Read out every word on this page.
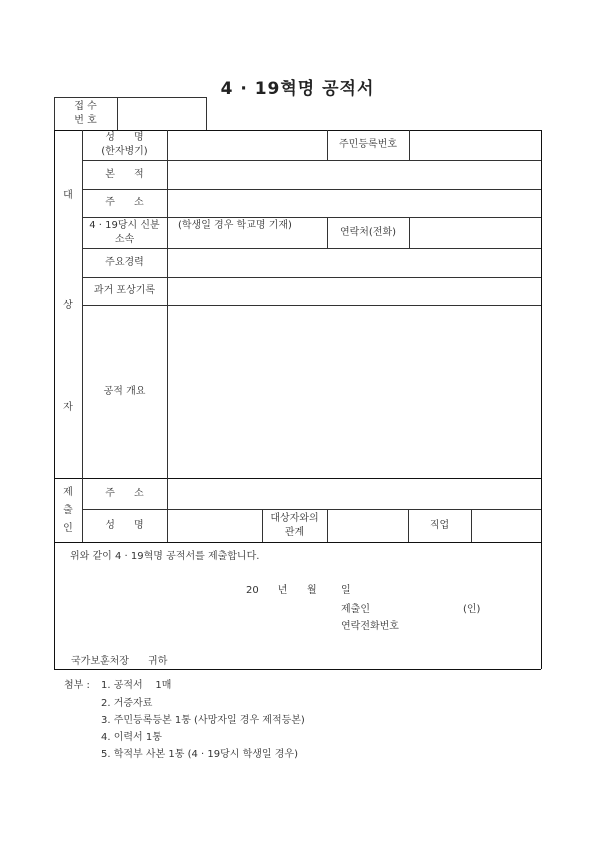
4 · 19혁명 공적서
접 수
번 호
대
상
자
제
출
인
성      명
(한자병기)
주민등록번호
본      적
주      소
4 · 19당시 신분
소속
(학생일 경우 학교명 기재)
연락처(전화)
주요경력
과거 포상기록
공적 개요
주      소
성      명
대상자와의
관계
직업
위와 같이 4 · 19혁명 공적서를 제출합니다.
20      년 월 일
제출인	(인)
연락전화번호
국가보훈처장      귀하
첨부 : 1. 공적서    1매
2. 거증자료
3. 주민등록등본 1통 (사망자일 경우 제적등본)
4. 이력서 1통
5. 학적부 사본 1통 (4 · 19당시 학생일 경우)
